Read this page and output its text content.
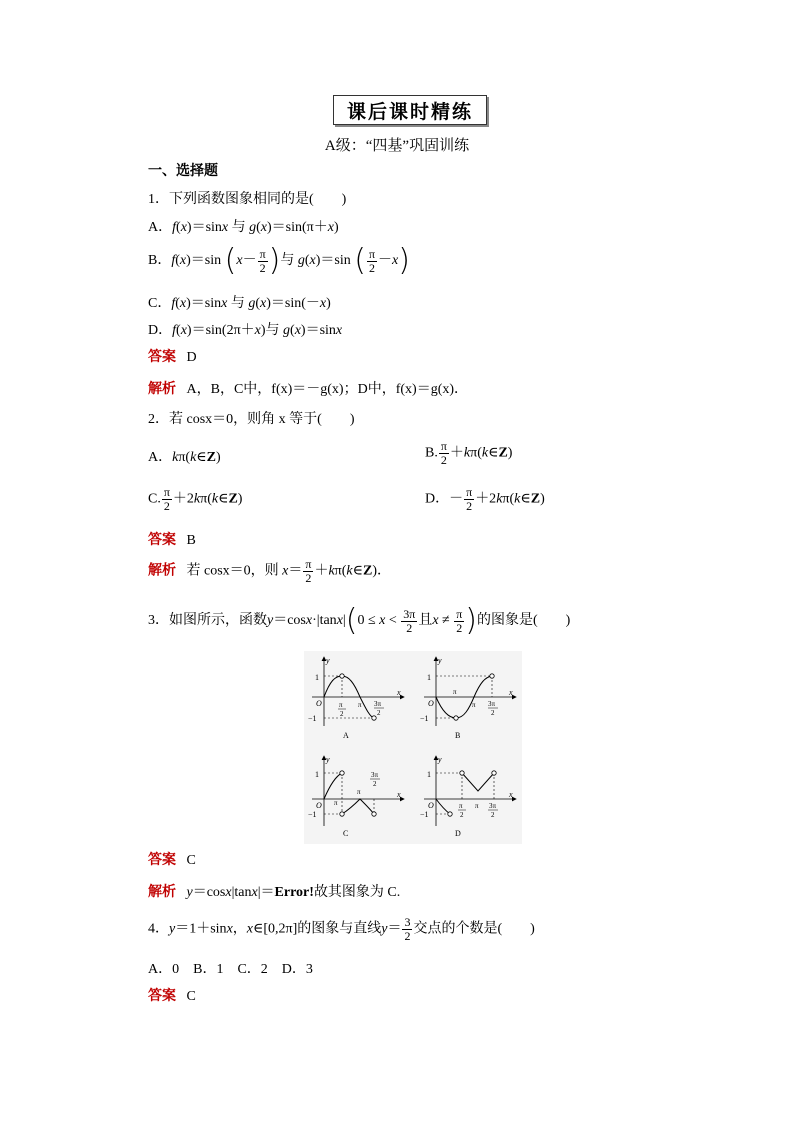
课后课时精练
A级：“四基”巩固训练
一、选择题
1．下列函数图象相同的是(　　)
A．f(x)＝sinx 与 g(x)＝sin(π＋x)
B．f(x)＝sin ($x- \frac{\pi}{2}$ )与 g(x)＝sin ( $\frac{\pi}{2} -x$)
C．f(x)＝sinx 与 g(x)＝sin(－x)
D．f(x)＝sin(2π＋x)与 g(x)＝sinx
答案 D
解析 A，B，C中，f(x)＝－g(x)；D中，f(x)＝g(x)．
2．若 cosx＝0，则角 x 等于(　　)
A．kπ(k∈Z)	B. $\frac{\pi}{2}$ ＋kπ(k∈Z)
C. $\frac{\pi}{2}$ ＋2kπ(k∈Z)	D．－ $\frac{\pi}{2}$ ＋2kπ(k∈Z)
答案 B
解析 若 cosx＝0，则 $x= \frac{\pi}{2}$ ＋kπ(k∈Z)．
3．如图所示，函数$y=\cos x\cdot|\tan x|(0 \le x < \frac{3\pi}{2}$ 且$x \ne \frac{\pi}{2}$ )的图象是(　　)
1
−1
O
y
x
π
2
π 3π
2
A
1
−1
O
y
x
π
π 3π
2
B
1
−1
O
y
x
π
π
3π
2
C
1
−1
O
y
x
π
2
π 3π
2
D
答案 C
解析 y＝cosx|tanx|＝Error!故其图象为 C.
4．y＝1＋sinx，x∈[0,2π]的图象与直线$y= \frac{3}{2}$ 交点的个数是(　　)
A．0　B．1　C．2　D．3
答案 C
